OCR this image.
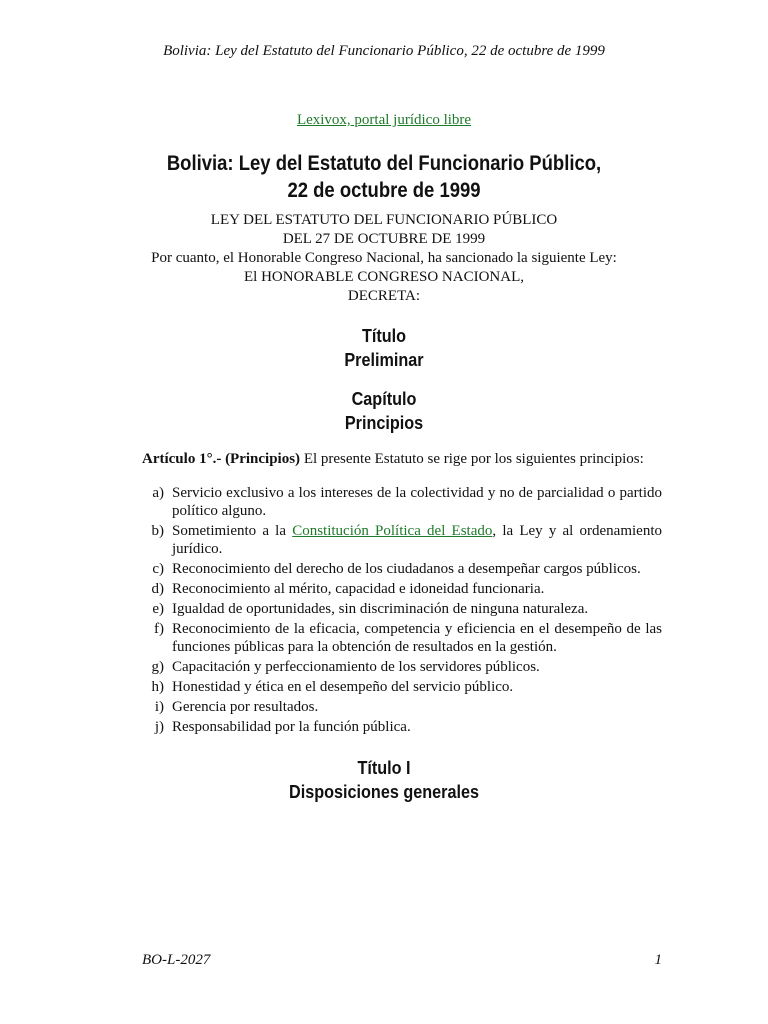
Bolivia: Ley del Estatuto del Funcionario Público, 22 de octubre de 1999
Lexivox, portal jurídico libre
Bolivia: Ley del Estatuto del Funcionario Público, 22 de octubre de 1999
LEY DEL ESTATUTO DEL FUNCIONARIO PÚBLICO
DEL 27 DE OCTUBRE DE 1999
Por cuanto, el Honorable Congreso Nacional, ha sancionado la siguiente Ley:
El HONORABLE CONGRESO NACIONAL,
DECRETA:
Título
Preliminar
Capítulo
Principios
Artículo 1°.- (Principios) El presente Estatuto se rige por los siguientes principios:
a) Servicio exclusivo a los intereses de la colectividad y no de parcialidad o partido político alguno.
b) Sometimiento a la Constitución Política del Estado, la Ley y al ordenamiento jurídico.
c) Reconocimiento del derecho de los ciudadanos a desempeñar cargos públicos.
d) Reconocimiento al mérito, capacidad e idoneidad funcionaria.
e) Igualdad de oportunidades, sin discriminación de ninguna naturaleza.
f) Reconocimiento de la eficacia, competencia y eficiencia en el desempeño de las funciones públicas para la obtención de resultados en la gestión.
g) Capacitación y perfeccionamiento de los servidores públicos.
h) Honestidad y ética en el desempeño del servicio público.
i) Gerencia por resultados.
j) Responsabilidad por la función pública.
Título I
Disposiciones generales
BO-L-2027	1
